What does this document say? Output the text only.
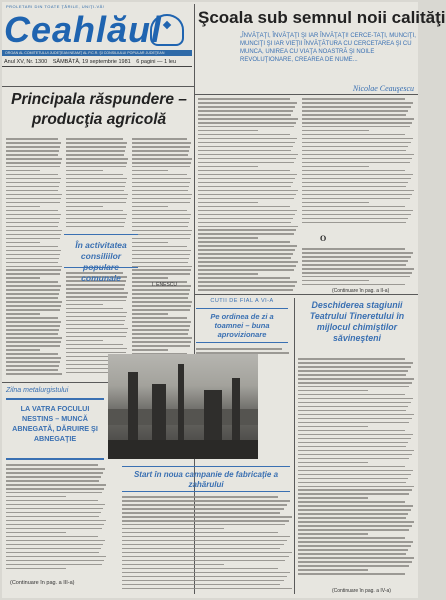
PROLETARI DIN TOATE ŢĂRILE, UNIŢI-VĂ!
Ceahlăul
ORGAN AL COMITETULUI JUDEŢEAN NEAMŢ AL P.C.R. ŞI CONSILIULUI POPULAR JUDEŢEAN
Anul XV, Nr. 1300 SÂMBĂTĂ, 19 septembrie 1981 6 pagini — 1 leu
Şcoala sub semnul noii calităţi
„ÎNVĂŢAŢI, ÎNVĂŢAŢI ŞI IAR ÎNVĂŢAŢI! CERCE-TAŢI, MUNCIŢI, MUNCIŢI ŞI IAR VIEŢII ÎNVĂŢĂTURA CU CERCETAREA ŞI CU MUNCA, UNIREA CU VIAŢA NOASTRĂ ŞI NOILE REVOLUŢIONARE, CREAREA DE NUME...
Nicolae Ceauşescu
Principala răspundere – producţia agricolă
În activitatea consiliilor populare comunale
I. ENESCU
Zilna metalurgistului
LA VATRA FOCULUI NESTINS – MUNCĂ ABNEGATĂ, DĂRUIRE ŞI ABNEGAŢIE
(Continuare în pag. a III-a)
CUTII DE FIAL A VI-A
Pe ordinea de zi a toamnei – buna aprovizionare
Start în noua campanie de fabricaţie a zahărului
O
Deschiderea stagiunii Teatrului Tineretului în mijlocul chimiştilor săvineşteni
(Continuare în pag. a II-a)
(Continuare în pag. a IV-a)
